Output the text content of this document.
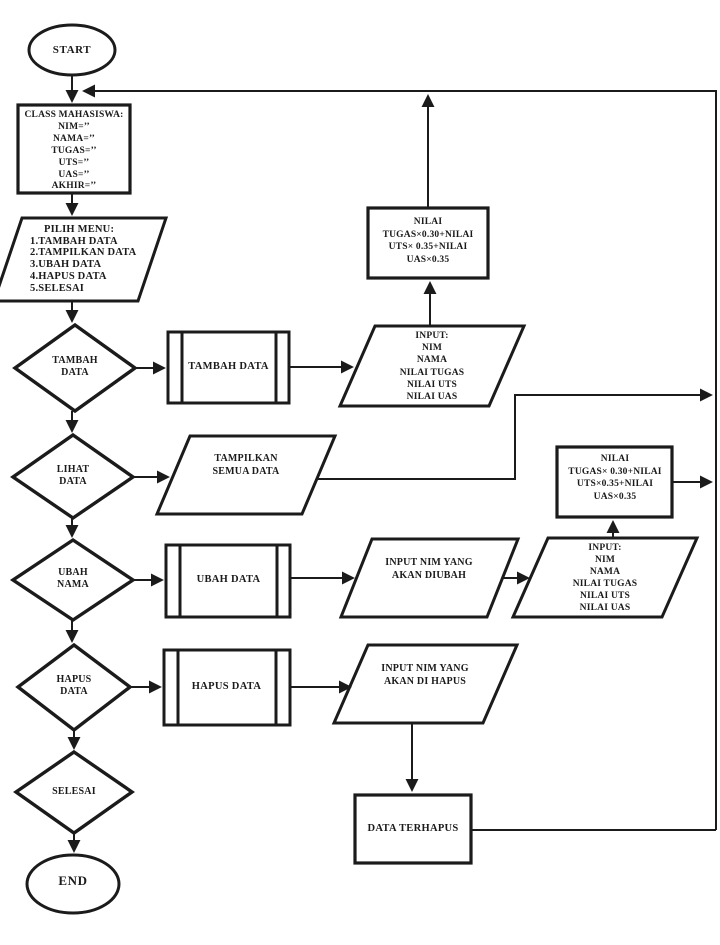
START
CLASS MAHASISWA:
NIM=’’
NAMA=’’
TUGAS=’’
UTS=’’
UAS=’’
AKHIR=’’
PILIH MENU:
1.TAMBAH DATA
2.TAMPILKAN DATA
3.UBAH DATA
4.HAPUS DATA
5.SELESAI
TAMBAH
DATA
TAMBAH DATA
INPUT:
NIM
NAMA
NILAI TUGAS
NILAI UTS
NILAI UAS
NILAI
TUGAS×0.30+NILAI
UTS× 0.35+NILAI
UAS×0.35
LIHAT
DATA
TAMPILKAN
SEMUA DATA
UBAH
NAMA	UBAH DATA
INPUT NIM YANG
AKAN DIUBAH
INPUT:
NIM
NAMA
NILAI TUGAS
NILAI UTS
NILAI UAS
NILAI
TUGAS× 0.30+NILAI
UTS×0.35+NILAI
UAS×0.35
HAPUS
DATA	HAPUS DATA
INPUT NIM YANG
AKAN DI HAPUS
DATA TERHAPUS
SELESAI
END
